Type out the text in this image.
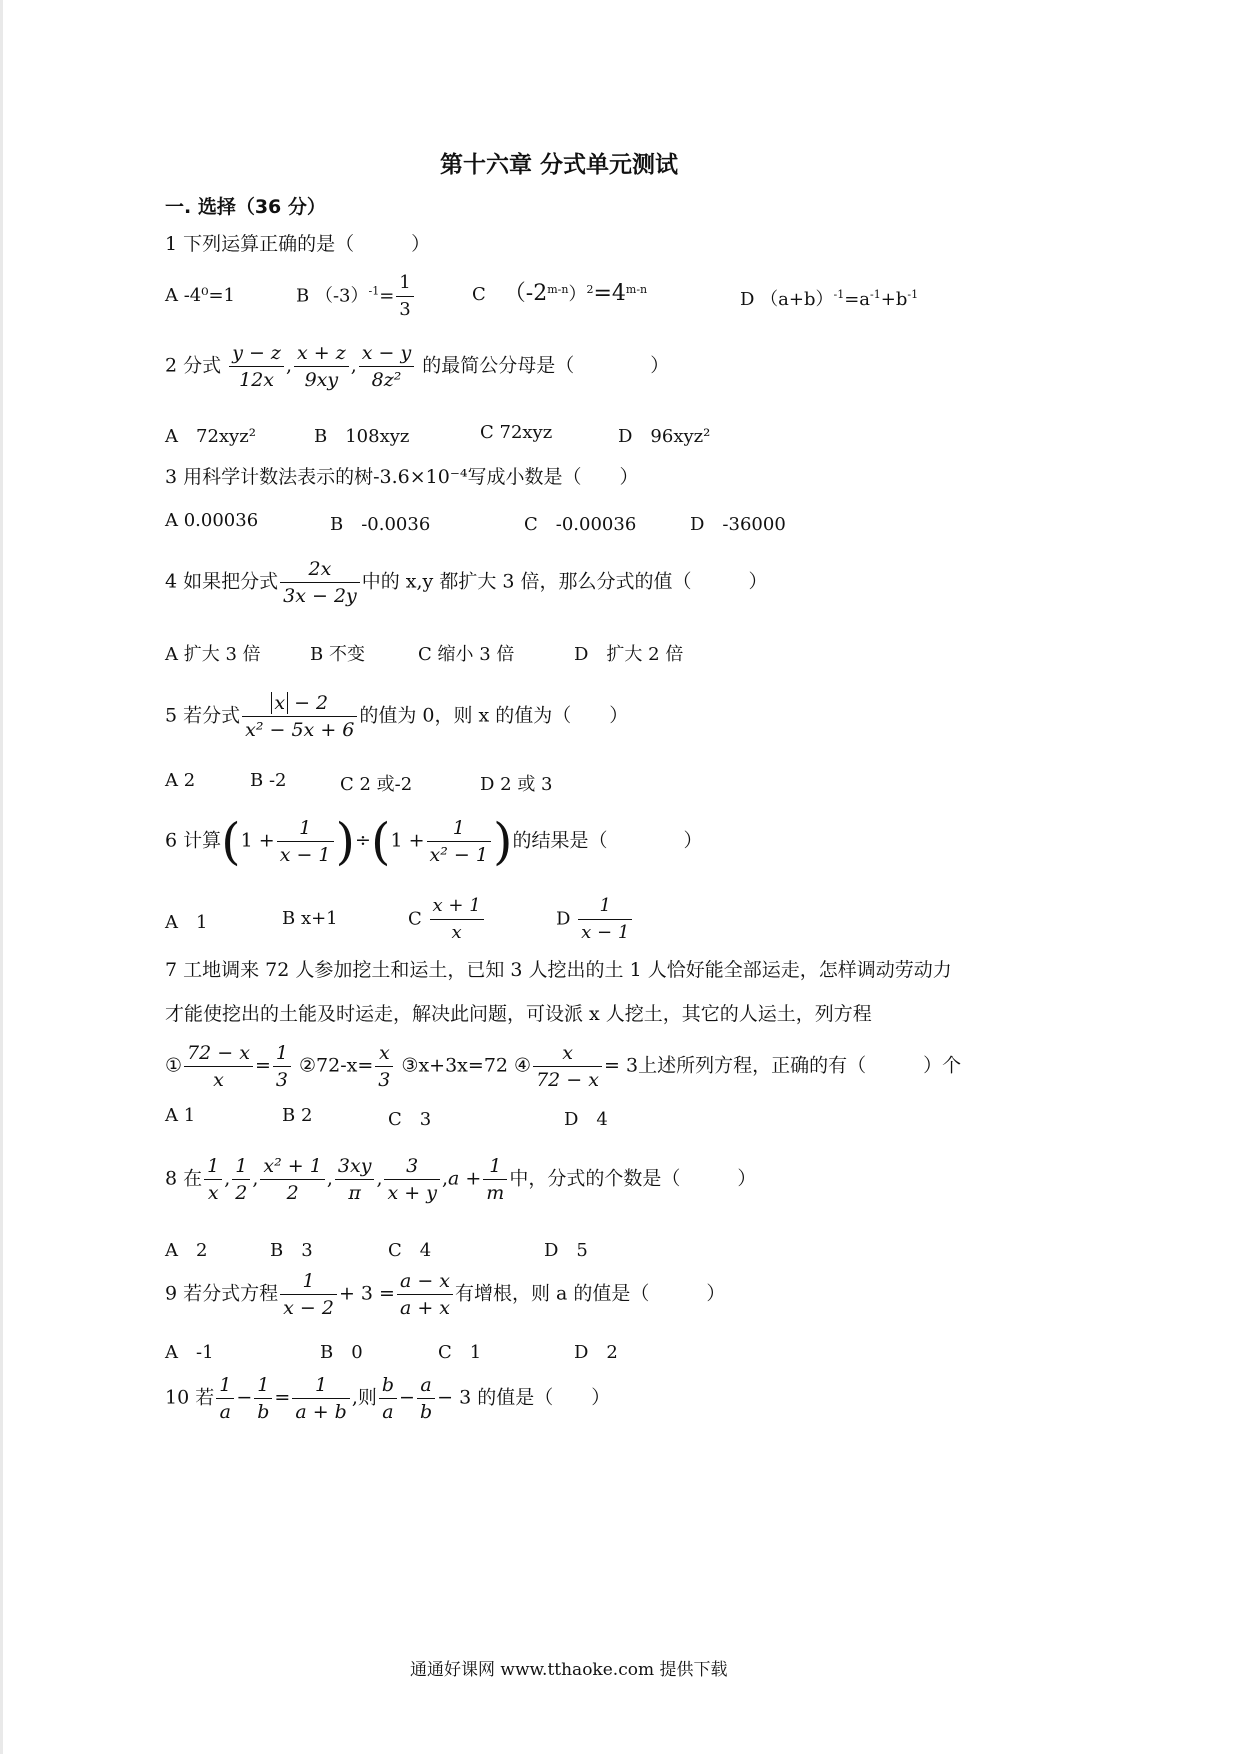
第十六章 分式单元测试
一. 选择（36 分）
1 下列运算正确的是（　　　）
A -4⁰=1	B $(-3)^{-1}= \frac{1}{3}$	C $(-2^{m-n})^2=4^{m-n}$	D $(a+b)^{-1}=a^{-1}+b^{-1}$
2 分式 $\frac{y - z}{12x}$ , $\frac{x + z}{9xy}$ , $\frac{x - y}{\text{8z²}}$ 的最简公分母是（　　　　）
A　72xyz²	B　108xyz	C 72xyz	D　96xyz²
3 用科学计数法表示的树-3.6×10⁻⁴写成小数是（　　）
A 0.00036	B　-0.0036	C　-0.00036	D　-36000
4 如果把分式 $\frac{2x}{3x - 2y}$ 中的 x,y 都扩大 3 倍，那么分式的值（　　　）
A 扩大 3 倍	B 不变	C 缩小 3 倍	D　扩大 2 倍
5 若分式 $\frac{x - 2}{\text{x² − 5x + 6}}$ 的值为 0，则 x 的值为（　　）
A 2	B -2	C 2 或-2	D 2 或 3
6 计算$(1 + \frac{1}{x - 1} )\div(1 + \frac{1}{\text{x² − 1}}$ )的结果是（　　　　）
A　1	B x+1	C $\frac{x + 1}{x}$	D $\frac{1}{x - 1}$
7 工地调来 72 人参加挖土和运土，已知 3 人挖出的土 1 人恰好能全部运走，怎样调动劳动力
才能使挖出的土能及时运走，解决此问题，可设派 x 人挖土，其它的人运土，列方程
① $\frac{72 - x}{x} = \frac{1}{3}$ ②72-x= $\frac{x}{3}$ ③x+3x=72 ④ $\frac{x}{72 - x} = 3$上述所列方程，正确的有（　　　）个
A 1	B 2	C　3	D　4
8 在 $\frac{1}{x}$ , $\frac{1}{2}$ , $\frac{\text{x² + 1}}{2}$ , $\frac{3xy}{\pi}$ , $\frac{3}{x + y} ,a + \frac{1}{m}$ 中，分式的个数是（　　　）
A　2	B　3	C　4	D　5
9 若分式方程 $\frac{1}{x - 2} + 3 = \frac{a - x}{a + x}$ 有增根，则 a 的值是（　　　）
A　-1	B　0	C　1	D　2
10 若 $\frac{1}{a} - \frac{1}{b} = \frac{1}{a + b}$ ,则 $\frac{b}{a} - \frac{a}{b} - 3$ 的值是（　　）
通通好课网 www.tthaoke.com 提供下载
